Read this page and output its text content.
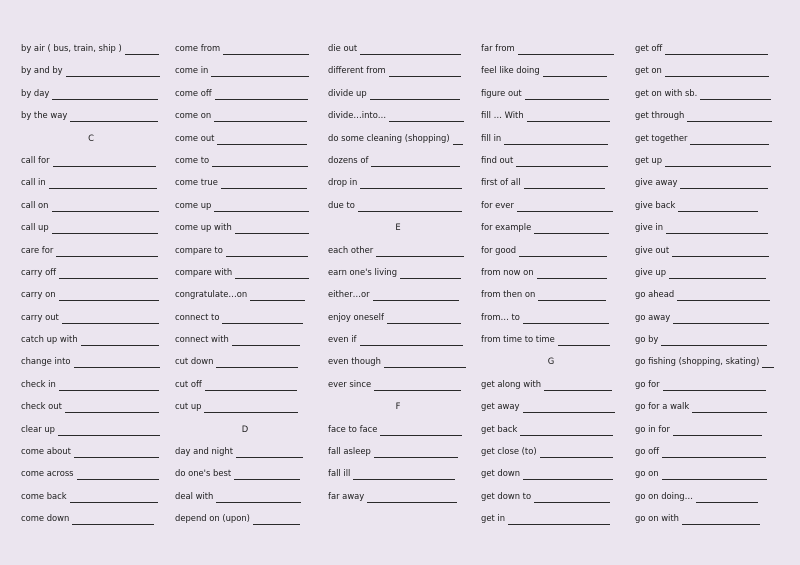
by air ( bus, train, ship )
by and by
by day
by the way
C
call for
call in
call on
call up
care for
carry off
carry on
carry out
catch up with
change into
check in
check out
clear up
come about
come across
come back
come down
come from
come in
come off
come on
come out
come to
come true
come up
come up with
compare to
compare with
congratulate…on
connect to
connect with
cut down
cut off
cut up
D
day and night
do one's best
deal with
depend on (upon)
die out
different from
divide up
divide…into…
do some cleaning (shopping)
dozens of
drop in
due to
E
each other
earn one's living
either…or
enjoy oneself
even if
even though
ever since
F
face to face
fall asleep
fall ill
far away
far from
feel like doing
figure out
fill … With
fill in
find out
first of all
for ever
for example
for good
from now on
from then on
from… to
from time to time
G
get along with
get away
get back
get close (to)
get down
get down to
get in
get off
get on
get on with sb.
get through
get together
get up
give away
give back
give in
give out
give up
go ahead
go away
go by
go fishing (shopping, skating)
go for
go for a walk
go in for
go off
go on
go on doing…
go on with
